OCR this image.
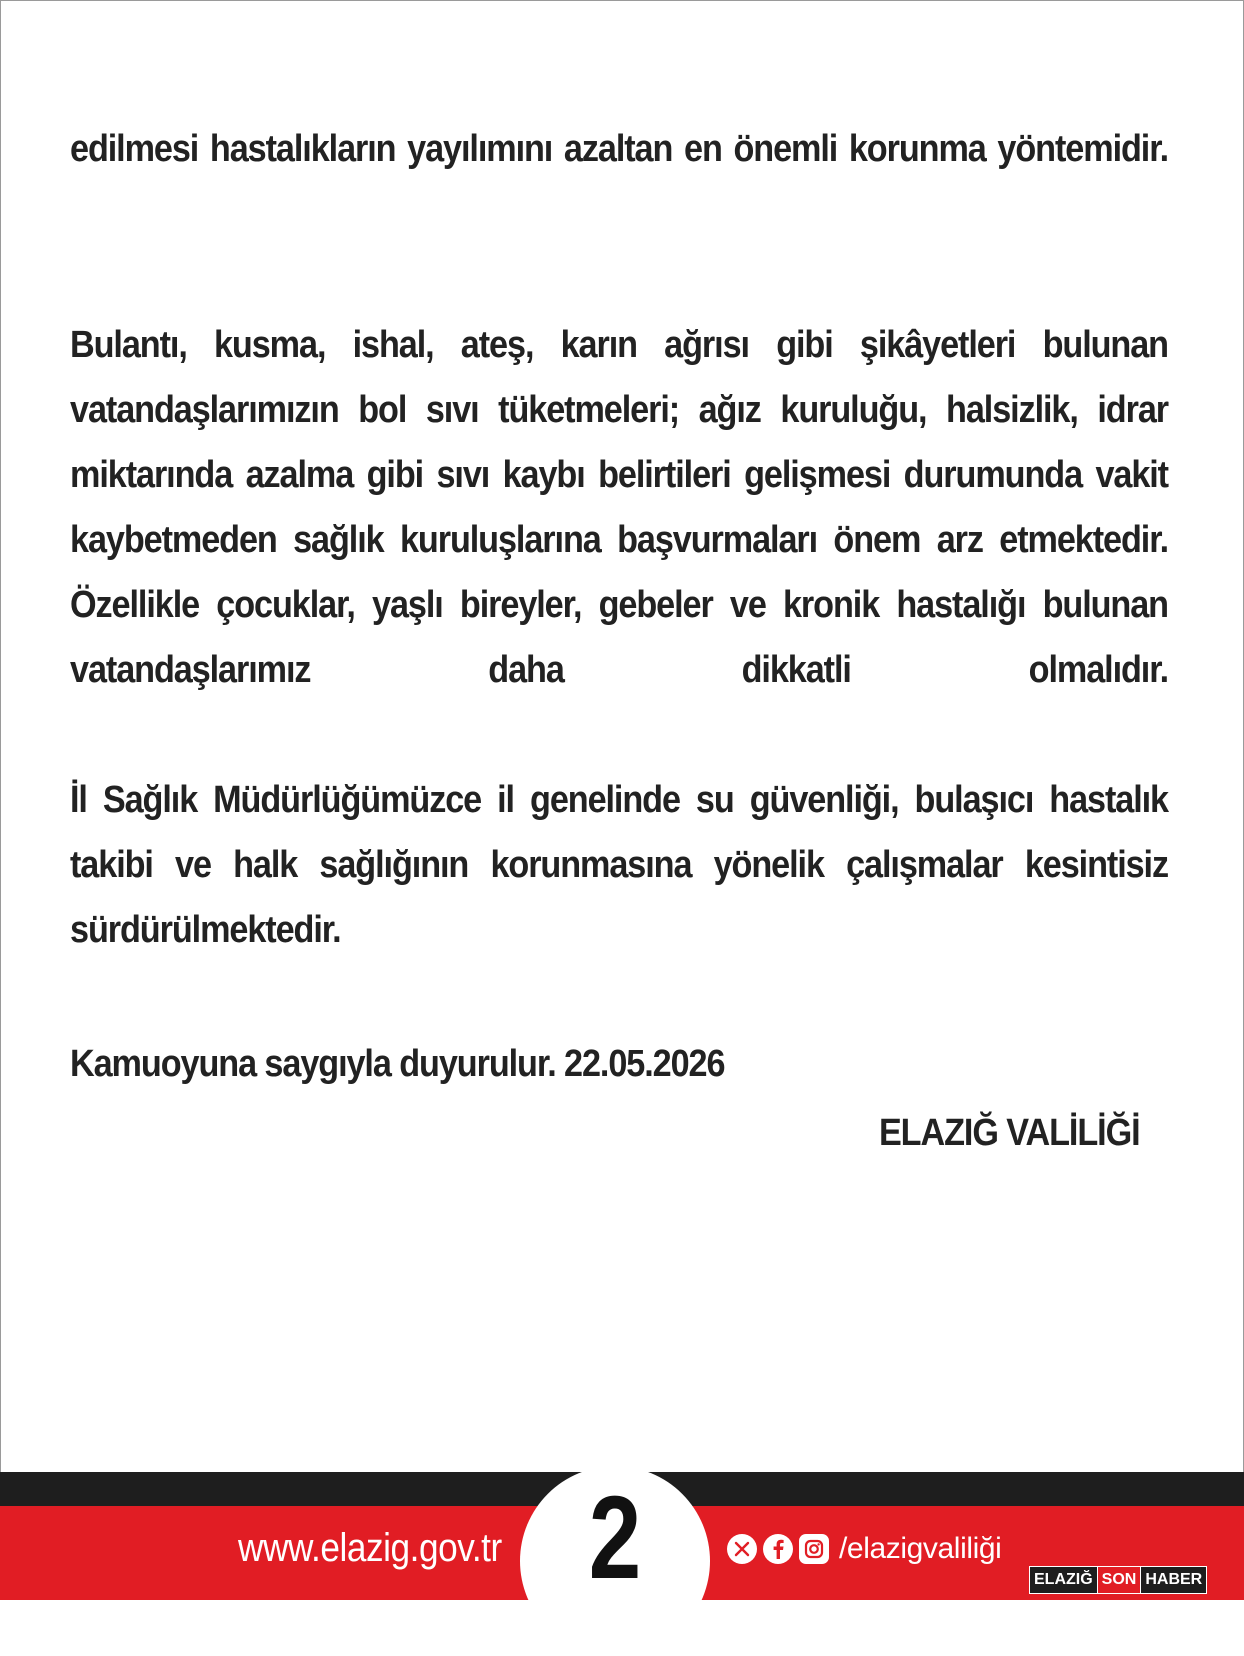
edilmesi hastalıkların yayılımını azaltan en önemli korunma yöntemidir.
Bulantı, kusma, ishal, ateş, karın ağrısı gibi şikâyetleri bulunan vatandaşlarımızın bol sıvı tüketmeleri; ağız kuruluğu, halsizlik, idrar miktarında azalma gibi sıvı kaybı belirtileri gelişmesi durumunda vakit kaybetmeden sağlık kuruluşlarına başvurmaları önem arz etmektedir. Özellikle çocuklar, yaşlı bireyler, gebeler ve kronik hastalığı bulunan vatandaşlarımız daha dikkatli olmalıdır.
İl Sağlık Müdürlüğümüzce il genelinde su güvenliği, bulaşıcı hastalık takibi ve halk sağlığının korunmasına yönelik çalışmalar kesintisiz sürdürülmektedir.
Kamuoyuna saygıyla duyurulur. 22.05.2026
ELAZIĞ VALİLİĞİ
2
www.elazig.gov.tr	/elazigvaliliği
ELAZIĞ SON HABER
